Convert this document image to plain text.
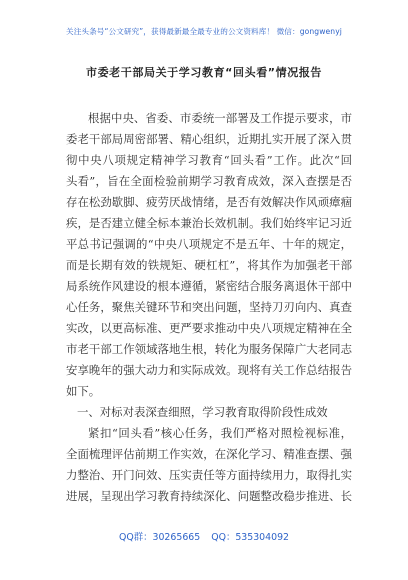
关注头条号“公文研究”，获得最新最全最专业的公文资料库！ 微信：gongwenyj
市委老干部局关于学习教育“回头看”情况报告
根据中央、省委、市委统一部署及工作提示要求，市
委老干部局周密部署、精心组织，近期扎实开展了深入贯
彻中央八项规定精神学习教育“回头看”工作。此次“回
头看”，旨在全面检验前期学习教育成效，深入查摆是否
存在松劲歇脚、疲劳厌战情绪，是否有效解决作风顽瘴痼
疾，是否建立健全标本兼治长效机制。我们始终牢记习近
平总书记强调的“中央八项规定不是五年、十年的规定，
而是长期有效的铁规矩、硬杠杠”，将其作为加强老干部
局系统作风建设的根本遵循，紧密结合服务离退休干部中
心任务，聚焦关键环节和突出问题，坚持刀刃向内、真查
实改，以更高标准、更严要求推动中央八项规定精神在全
市老干部工作领域落地生根，转化为服务保障广大老同志
安享晚年的强大动力和实际成效。现将有关工作总结报告
如下。
一、对标对表深查细照，学习教育取得阶段性成效
紧扣“回头看”核心任务，我们严格对照检视标准，
全面梳理评估前期工作实效，在深化学习、精准查摆、强
力整治、开门问效、压实责任等方面持续用力，取得扎实
进展，呈现出学习教育持续深化、问题整改稳步推进、长
QQ群：30265665 QQ：535304092
